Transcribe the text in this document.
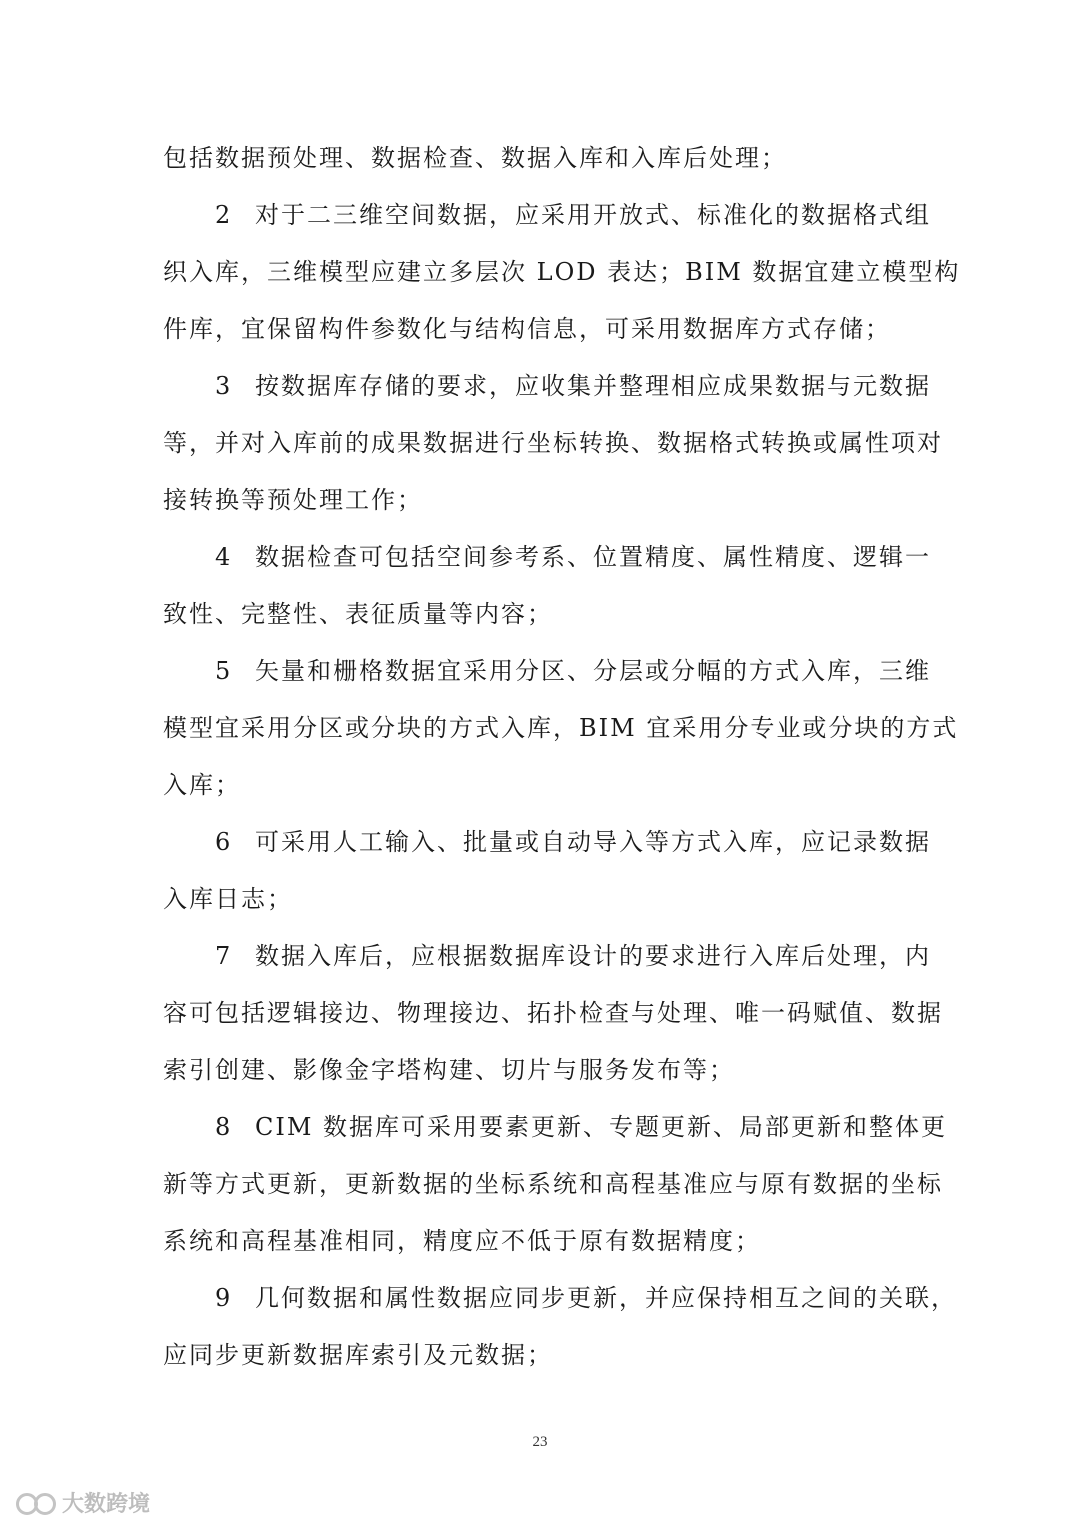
包括数据预处理、数据检查、数据入库和入库后处理；
2 对于二三维空间数据，应采用开放式、标准化的数据格式组
织入库，三维模型应建立多层次 LOD 表达；BIM 数据宜建立模型构
件库，宜保留构件参数化与结构信息，可采用数据库方式存储；
3 按数据库存储的要求，应收集并整理相应成果数据与元数据
等，并对入库前的成果数据进行坐标转换、数据格式转换或属性项对
接转换等预处理工作；
4 数据检查可包括空间参考系、位置精度、属性精度、逻辑一
致性、完整性、表征质量等内容；
5 矢量和栅格数据宜采用分区、分层或分幅的方式入库，三维
模型宜采用分区或分块的方式入库，BIM 宜采用分专业或分块的方式
入库；
6 可采用人工输入、批量或自动导入等方式入库，应记录数据
入库日志；
7 数据入库后，应根据数据库设计的要求进行入库后处理，内
容可包括逻辑接边、物理接边、拓扑检查与处理、唯一码赋值、数据
索引创建、影像金字塔构建、切片与服务发布等；
8 CIM 数据库可采用要素更新、专题更新、局部更新和整体更
新等方式更新，更新数据的坐标系统和高程基准应与原有数据的坐标
系统和高程基准相同，精度应不低于原有数据精度；
9 几何数据和属性数据应同步更新，并应保持相互之间的关联，
应同步更新数据库索引及元数据；
23
大数跨境
